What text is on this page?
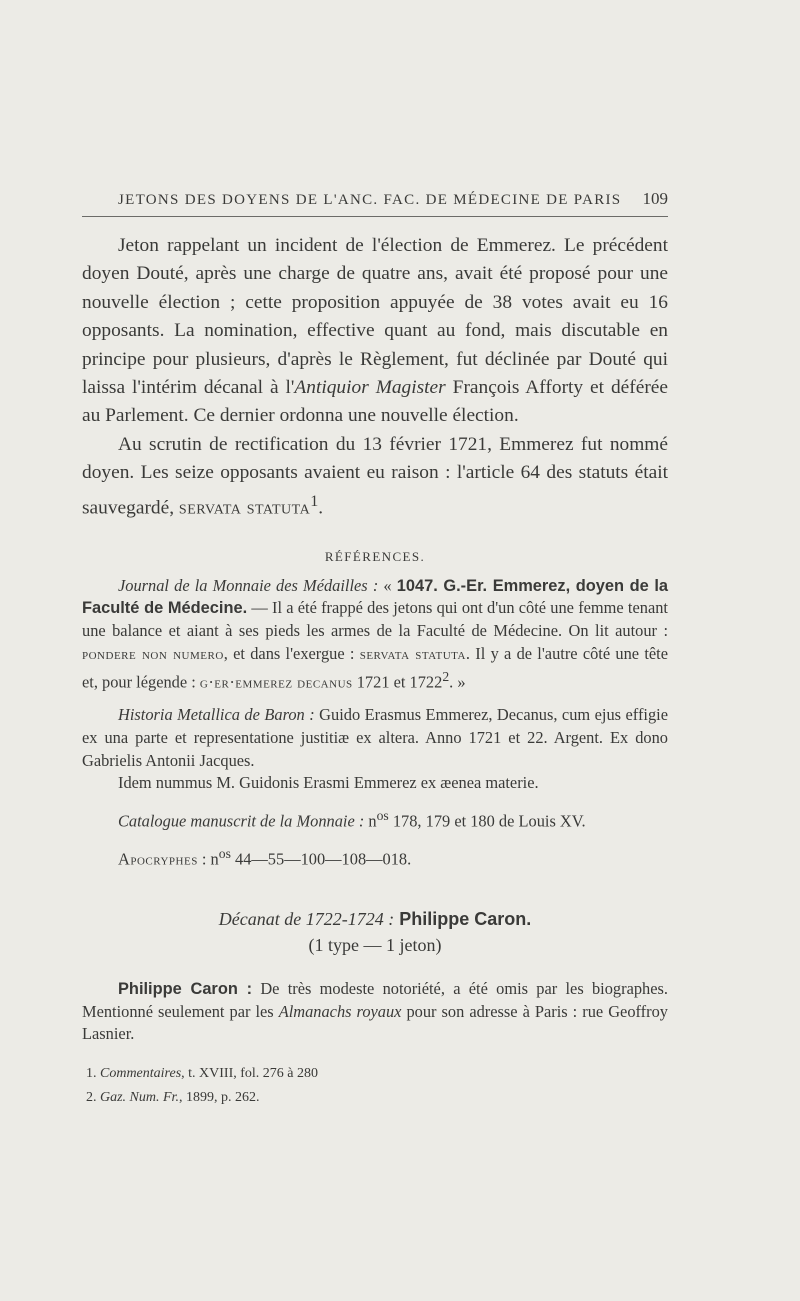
JETONS DES DOYENS DE L'ANC. FAC. DE MÉDECINE DE PARIS 109

Jeton rappelant un incident de l'élection de Emmerez. Le précédent doyen Douté, après une charge de quatre ans, avait été proposé pour une nouvelle élection ; cette proposition appuyée de 38 votes avait eu 16 opposants. La nomination, effective quant au fond, mais discutable en principe pour plusieurs, d'après le Règlement, fut déclinée par Douté qui laissa l'intérim décanal à l'Antiquior Magister François Afforty et déférée au Parlement. Ce dernier ordonna une nouvelle élection.

Au scrutin de rectification du 13 février 1721, Emmerez fut nommé doyen. Les seize opposants avaient eu raison : l'article 64 des statuts était sauvegardé, servata statuta$^1$.

RÉFÉRENCES.

Journal de la Monnaie des Médailles : « 1047. G.-Er. Emmerez, doyen de la Faculté de Médecine. — Il a été frappé des jetons qui ont d'un côté une femme tenant une balance et aiant à ses pieds les armes de la Faculté de Médecine. On lit autour : pondere non numero, et dans l'exergue : servata statuta. Il y a de l'autre côté une tête et, pour légende : g·er·emmerez decanus 1721 et 1722$^2$. »

Historia Metallica de Baron : Guido Erasmus Emmerez, Decanus, cum ejus effigie ex una parte et representatione justitiæ ex altera. Anno 1721 et 22. Argent. Ex dono Gabrielis Antonii Jacques.

Idem nummus M. Guidonis Erasmi Emmerez ex æenea materie.

Catalogue manuscrit de la Monnaie : $n^{os}$ 178, 179 et 180 de Louis XV.

Apocryphes : $n^{os}$ 44—55—100—108—018.

Décanat de 1722-1724 : Philippe Caron.
(1 type — 1 jeton)

Philippe Caron : De très modeste notoriété, a été omis par les biographes. Mentionné seulement par les Almanachs royaux pour son adresse à Paris : rue Geoffroy Lasnier.

1. Commentaires, t. XVIII, fol. 276 à 280
2. Gaz. Num. Fr., 1899, p. 262.
